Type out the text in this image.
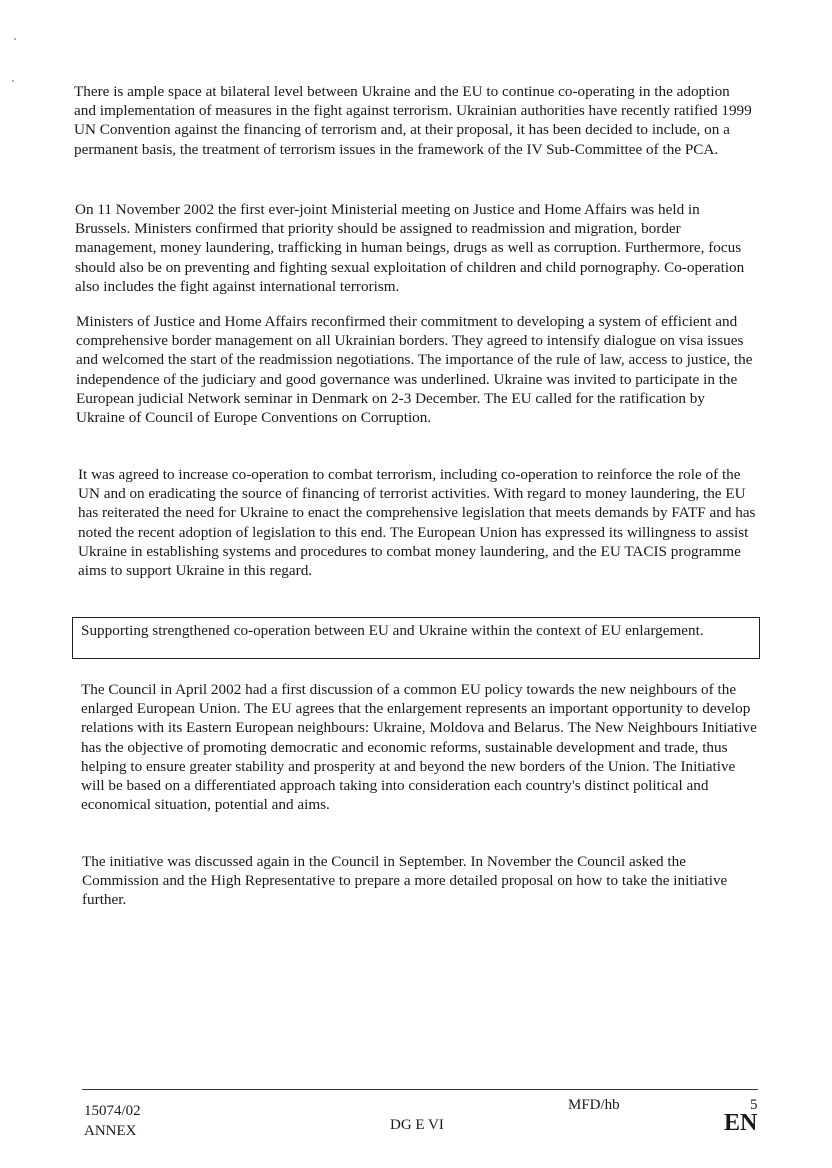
There is ample space at bilateral level between Ukraine and the EU to continue co-operating in the adoption and implementation of measures in the fight against terrorism. Ukrainian authorities have recently ratified 1999 UN Convention against the financing of terrorism and, at their proposal, it has been decided to include, on a permanent basis, the treatment of terrorism issues in the framework of the IV Sub-Committee of the PCA.

On 11 November 2002 the first ever-joint Ministerial meeting on Justice and Home Affairs was held in Brussels. Ministers confirmed that priority should be assigned to readmission and migration, border management, money laundering, trafficking in human beings, drugs as well as corruption. Furthermore, focus should also be on preventing and fighting sexual exploitation of children and child pornography. Co-operation also includes the fight against international terrorism.

Ministers of Justice and Home Affairs reconfirmed their commitment to developing a system of efficient and comprehensive border management on all Ukrainian borders. They agreed to intensify dialogue on visa issues and welcomed the start of the readmission negotiations. The importance of the rule of law, access to justice, the independence of the judiciary and good governance was underlined. Ukraine was invited to participate in the European judicial Network seminar in Denmark on 2-3 December. The EU called for the ratification by Ukraine of Council of Europe Conventions on Corruption.

It was agreed to increase co-operation to combat terrorism, including co-operation to reinforce the role of the UN and on eradicating the source of financing of terrorist activities. With regard to money laundering, the EU has reiterated the need for Ukraine to enact the comprehensive legislation that meets demands by FATF and has noted the recent adoption of legislation to this end. The European Union has expressed its willingness to assist Ukraine in establishing systems and procedures to combat money laundering, and the EU TACIS programme aims to support Ukraine in this regard.

Supporting strengthened co-operation between EU and Ukraine within the context of EU enlargement.

The Council in April 2002 had a first discussion of a common EU policy towards the new neighbours of the enlarged European Union. The EU agrees that the enlargement represents an important opportunity to develop relations with its Eastern European neighbours: Ukraine, Moldova and Belarus. The New Neighbours Initiative has the objective of promoting democratic and economic reforms, sustainable development and trade, thus helping to ensure greater stability and prosperity at and beyond the new borders of the Union. The Initiative will be based on a differentiated approach taking into consideration each country's distinct political and economical situation, potential and aims.

The initiative was discussed again in the Council in September. In November the Council asked the Commission and the High Representative to prepare a more detailed proposal on how to take the initiative further.

15074/02

ANNEX	DG E VI

MFD/hb	5

EN
